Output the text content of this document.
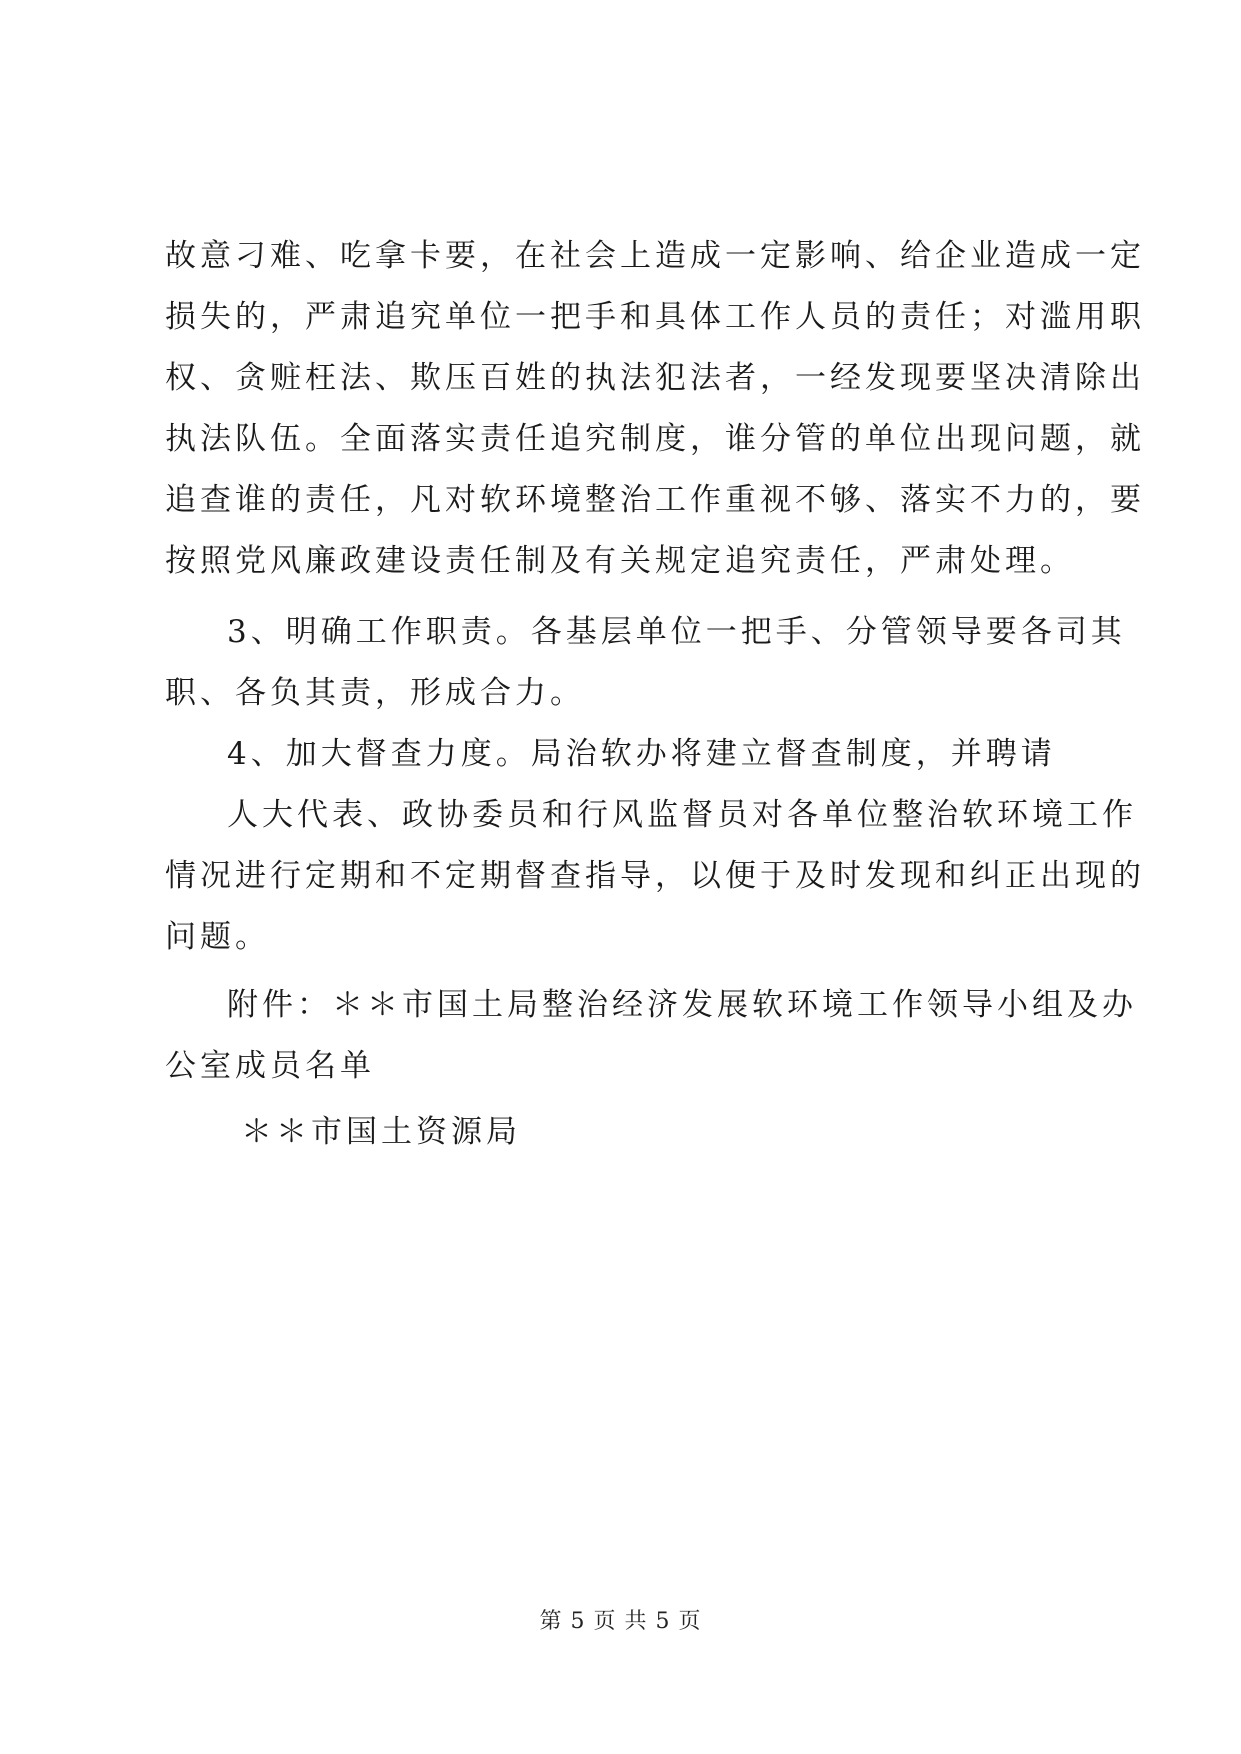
故意刁难、吃拿卡要，在社会上造成一定影响、给企业造成一定
损失的，严肃追究单位一把手和具体工作人员的责任；对滥用职
权、贪赃枉法、欺压百姓的执法犯法者，一经发现要坚决清除出
执法队伍。全面落实责任追究制度，谁分管的单位出现问题，就
追查谁的责任，凡对软环境整治工作重视不够、落实不力的，要
按照党风廉政建设责任制及有关规定追究责任，严肃处理。
3、明确工作职责。各基层单位一把手、分管领导要各司其
职、各负其责，形成合力。
4、加大督查力度。局治软办将建立督查制度，并聘请
人大代表、政协委员和行风监督员对各单位整治软环境工作
情况进行定期和不定期督查指导，以便于及时发现和纠正出现的
问题。
附件：＊＊市国土局整治经济发展软环境工作领导小组及办
公室成员名单
＊＊市国土资源局
第 5 页 共 5 页
